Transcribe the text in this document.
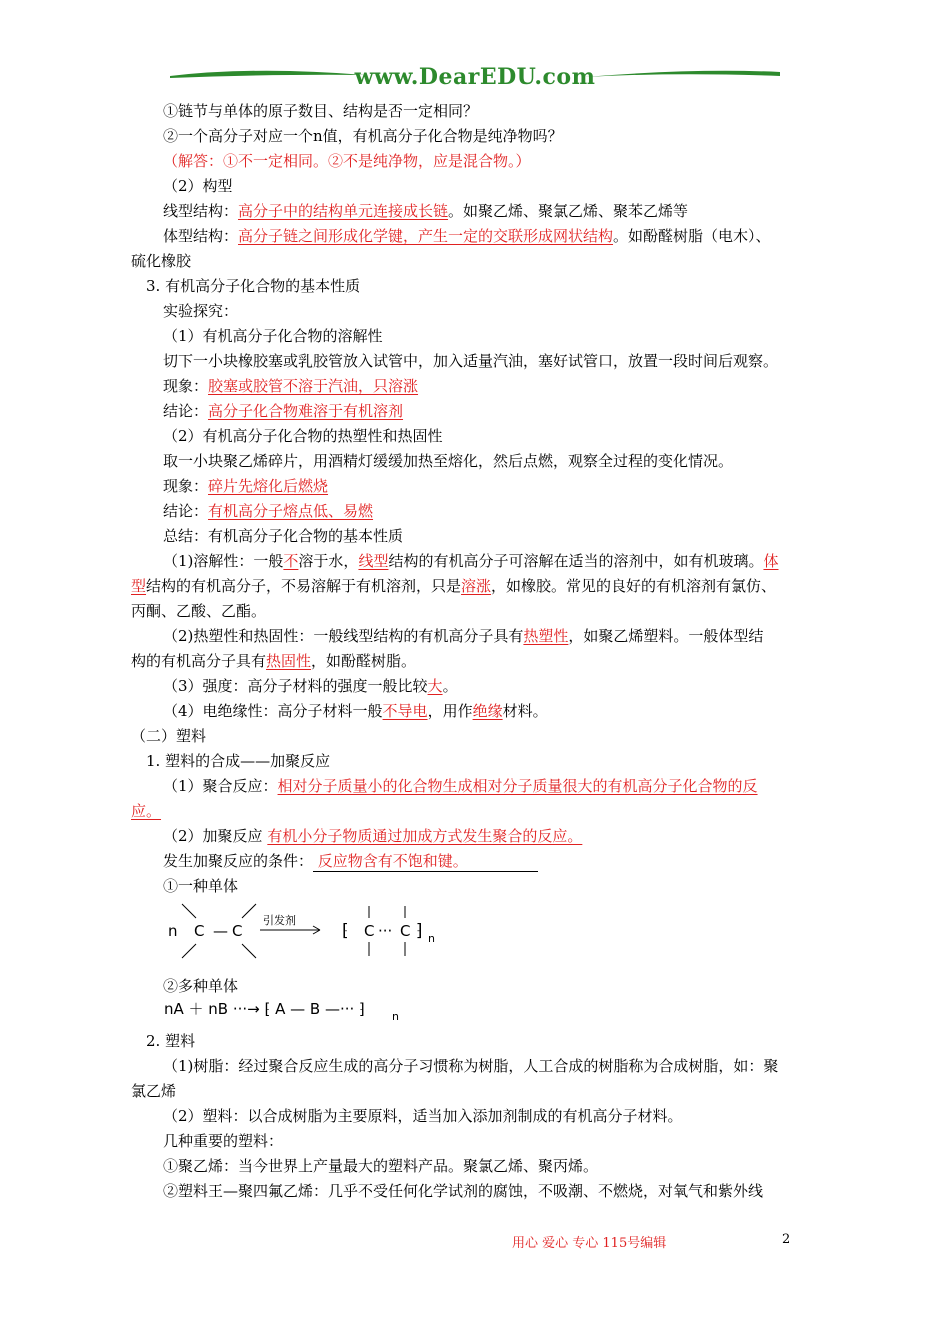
www.DearEDU.com
①链节与单体的原子数目、结构是否一定相同？
②一个高分子对应一个n值，有机高分子化合物是纯净物吗？
（解答：①不一定相同。②不是纯净物，应是混合物。）
（2）构型
线型结构：高分子中的结构单元连接成长链。如聚乙烯、聚氯乙烯、聚苯乙烯等
体型结构：高分子链之间形成化学键，产生一定的交联形成网状结构。如酚醛树脂（电木）、
硫化橡胶
3. 有机高分子化合物的基本性质
实验探究：
（1）有机高分子化合物的溶解性
切下一小块橡胶塞或乳胶管放入试管中，加入适量汽油，塞好试管口，放置一段时间后观察。
现象：胶塞或胶管不溶于汽油，只溶涨
结论：高分子化合物难溶于有机溶剂
（2）有机高分子化合物的热塑性和热固性
取一小块聚乙烯碎片，用酒精灯缓缓加热至熔化，然后点燃，观察全过程的变化情况。
现象：碎片先熔化后燃烧
结论：有机高分子熔点低、易燃
总结：有机高分子化合物的基本性质
（1)溶解性：一般不溶于水，线型结构的有机高分子可溶解在适当的溶剂中，如有机玻璃。体
型结构的有机高分子，不易溶解于有机溶剂，只是溶涨，如橡胶。常见的良好的有机溶剂有氯仿、
丙酮、乙酸、乙酯。
（2)热塑性和热固性：一般线型结构的有机高分子具有热塑性，如聚乙烯塑料。一般体型结
构的有机高分子具有热固性，如酚醛树脂。
（3）强度：高分子材料的强度一般比较大。
（4）电绝缘性：高分子材料一般不导电，用作绝缘材料。
（二）塑料
1. 塑料的合成——加聚反应
（1）聚合反应：相对分子质量小的化合物生成相对分子质量很大的有机高分子化合物的反
应。
（2）加聚反应 有机小分子物质通过加成方式发生聚合的反应。
发生加聚反应的条件： 反应物含有不饱和键。
①一种单体
n C — C
引发剂
⁅ C ··· C ⁆ n
②多种单体
nA ＋ nB ···→ ⁅ A — B —··· ⁆ n
2. 塑料
（1)树脂：经过聚合反应生成的高分子习惯称为树脂，人工合成的树脂称为合成树脂，如：聚
氯乙烯
（2）塑料：以合成树脂为主要原料，适当加入添加剂制成的有机高分子材料。
几种重要的塑料：
①聚乙烯：当今世界上产量最大的塑料产品。聚氯乙烯、聚丙烯。
②塑料王—聚四氟乙烯：几乎不受任何化学试剂的腐蚀，不吸潮、不燃烧，对氧气和紫外线
用心 爱心 专心 115号编辑	2
